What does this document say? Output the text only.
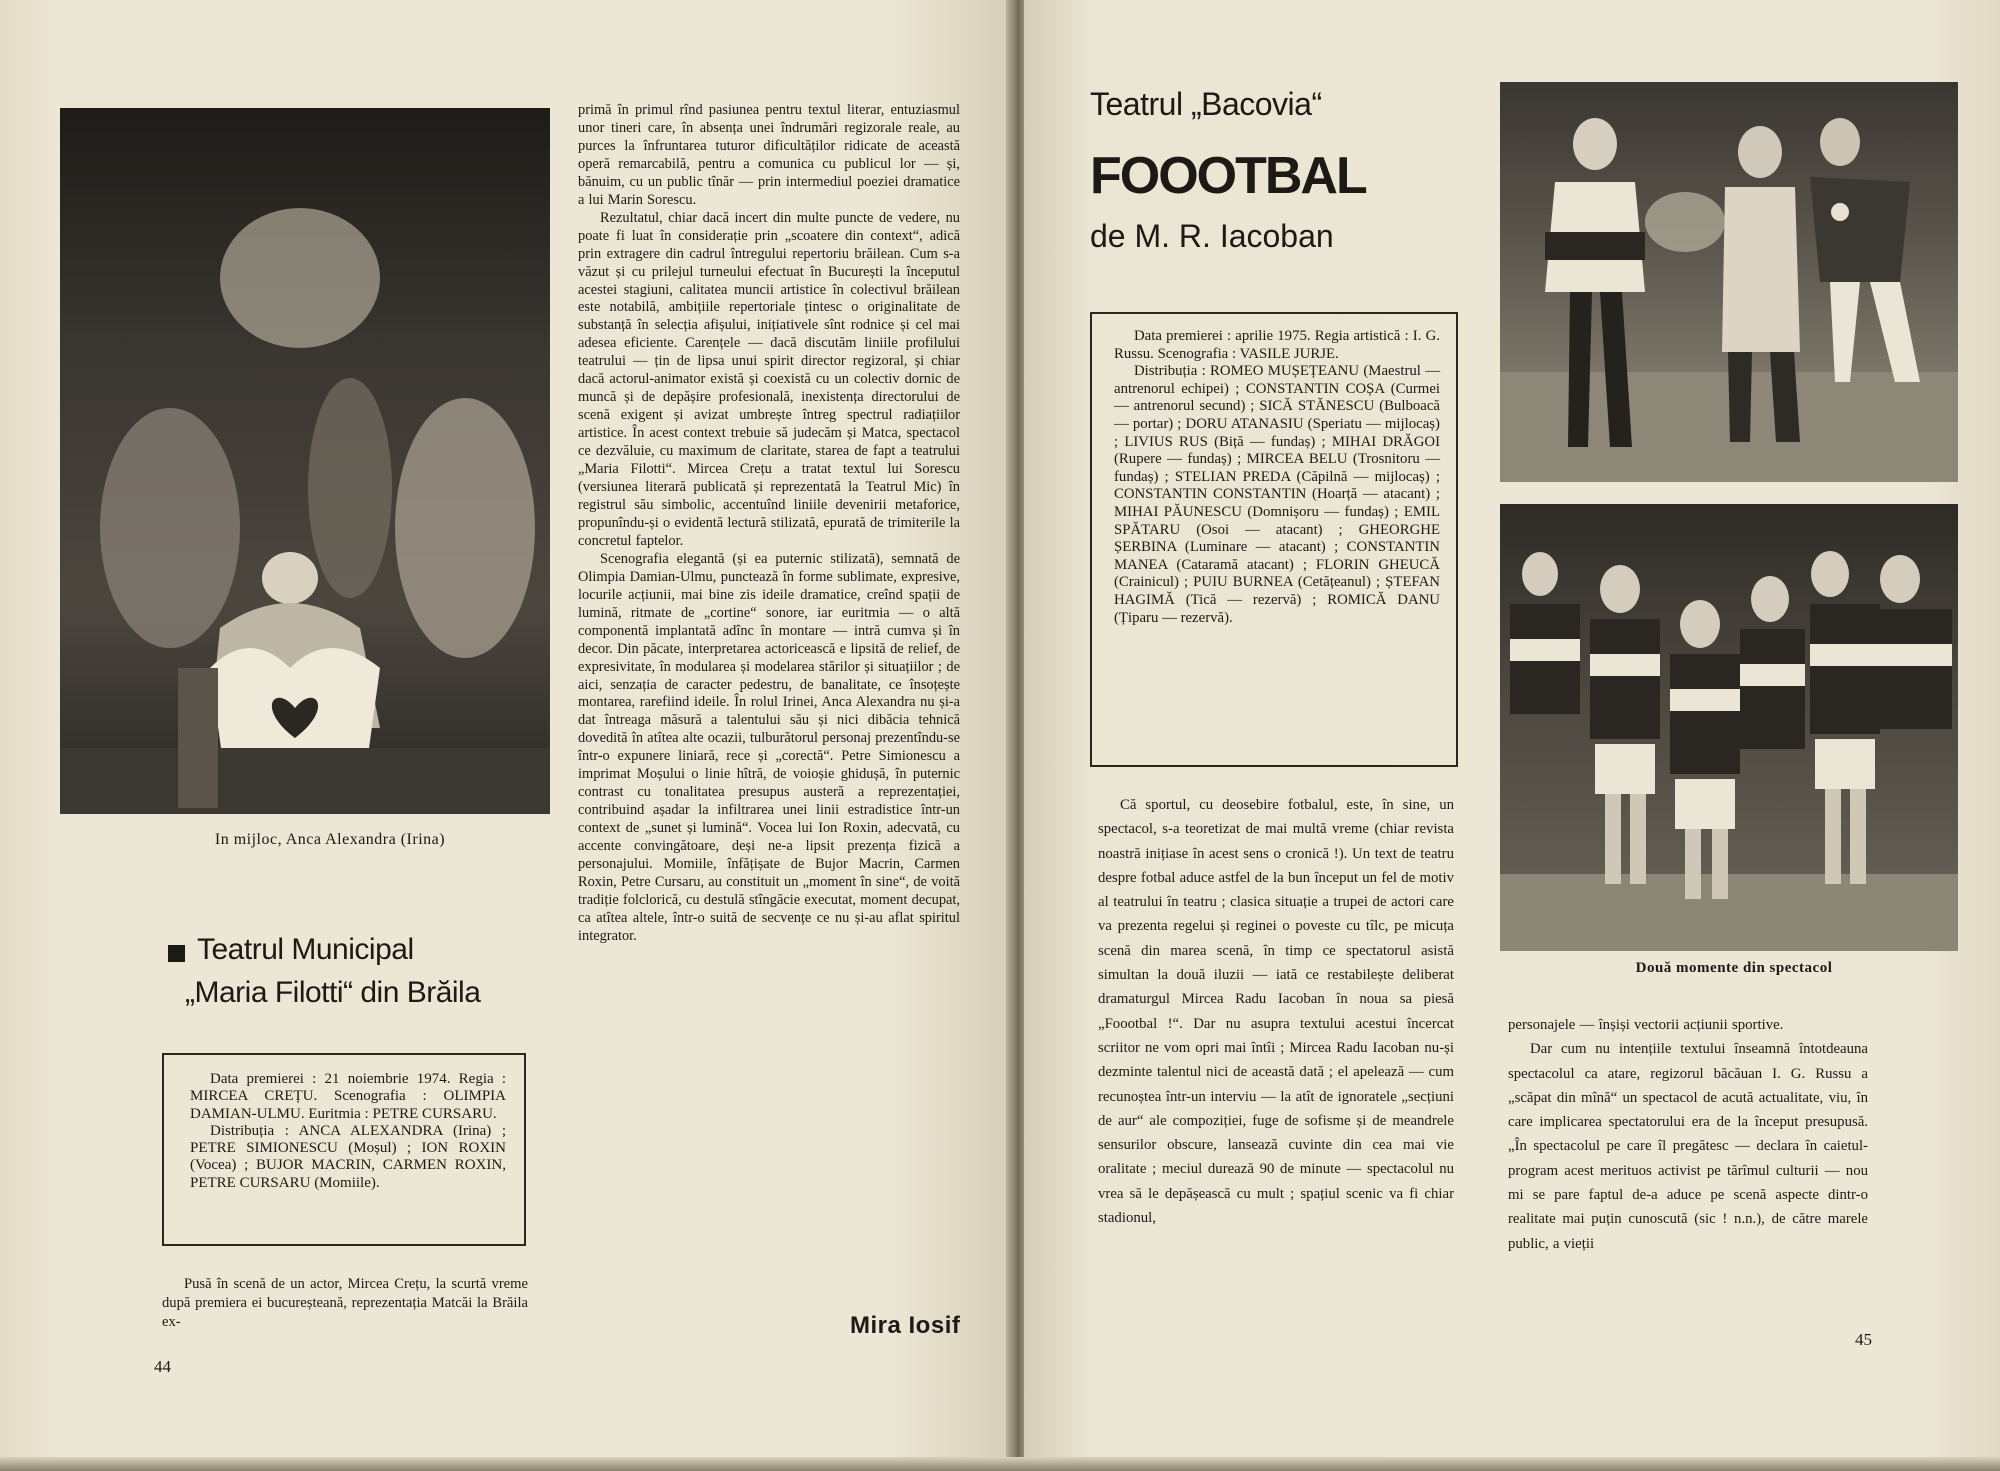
In mijloc, Anca Alexandra (Irina)
Teatrul Municipal
„Maria Filotti“ din Brăila

Data premierei : 21 noiembrie 1974. Regia : MIRCEA CREȚU. Scenografia : OLIMPIA DAMIAN-ULMU. Euritmia : PETRE CURSARU.

Distribuția : ANCA ALEXANDRA (Irina) ; PETRE SIMIONESCU (Moșul) ; ION ROXIN (Vocea) ; BUJOR MACRIN, CARMEN ROXIN, PETRE CURSARU (Momiile).

Pusă în scenă de un actor, Mircea Crețu, la scurtă vreme după premiera ei bucureșteană, reprezentația Matcăi la Brăila ex-

44

primă în primul rînd pasiunea pentru textul literar, entuziasmul unor tineri care, în absența unei îndrumări regizorale reale, au purces la înfruntarea tuturor dificultăților ridicate de această operă remarcabilă, pentru a comunica cu publicul lor — și, bănuim, cu un public tînăr — prin intermediul poeziei dramatice a lui Marin Sorescu.

Rezultatul, chiar dacă incert din multe puncte de vedere, nu poate fi luat în considerație prin „scoatere din context“, adică prin extragere din cadrul întregului repertoriu brăilean. Cum s-a văzut și cu prilejul turneului efectuat în București la începutul acestei stagiuni, calitatea muncii artistice în colectivul brăilean este notabilă, ambițiile repertoriale țintesc o originalitate de substanță în selecția afișului, inițiativele sînt rodnice și cel mai adesea eficiente. Carențele — dacă discutăm liniile profilului teatrului — țin de lipsa unui spirit director regizoral, și chiar dacă actorul-animator există și coexistă cu un colectiv dornic de muncă și de depășire profesională, inexistența directorului de scenă exigent și avizat umbrește întreg spectrul radiațiilor artistice. În acest context trebuie să judecăm și Matca, spectacol ce dezvăluie, cu maximum de claritate, starea de fapt a teatrului „Maria Filotti“. Mircea Crețu a tratat textul lui Sorescu (versiunea literară publicată și reprezentată la Teatrul Mic) în registrul său simbolic, accentuînd liniile devenirii metaforice, propunîndu-și o evidentă lectură stilizată, epurată de trimiterile la concretul faptelor.

Scenografia elegantă (și ea puternic stilizată), semnată de Olimpia Damian-Ulmu, punctează în forme sublimate, expresive, locurile acțiunii, mai bine zis ideile dramatice, creînd spații de lumină, ritmate de „cortine“ sonore, iar euritmia — o altă componentă implantată adînc în montare — intră cumva și în decor. Din păcate, interpretarea actoricească e lipsită de relief, de expresivitate, în modularea și modelarea stărilor și situațiilor ; de aici, senzația de caracter pedestru, de banalitate, ce însoțește montarea, rarefiind ideile. În rolul Irinei, Anca Alexandra nu și-a dat întreaga măsură a talentului său și nici dibăcia tehnică dovedită în atîtea alte ocazii, tulburătorul personaj prezentîndu-se într-o expunere liniară, rece și „corectă“. Petre Simionescu a imprimat Moșului o linie hîtră, de voioșie ghidușă, în puternic contrast cu tonalitatea presupus austeră a reprezentației, contribuind așadar la infiltrarea unei linii estradistice într-un context de „sunet și lumină“. Vocea lui Ion Roxin, adecvată, cu accente convingătoare, deși ne-a lipsit prezența fizică a personajului. Momiile, înfățișate de Bujor Macrin, Carmen Roxin, Petre Cursaru, au constituit un „moment în sine“, de voită tradiție folclorică, cu destulă stîngăcie executat, moment decupat, ca atîtea altele, într-o suită de secvențe ce nu și-au aflat spiritul integrator.

Mira Iosif
Teatrul „Bacovia“
FOOOTBAL
de M. R. Iacoban

Data premierei : aprilie 1975. Regia artistică : I. G. Russu. Scenografia : VASILE JURJE.

Distribuția : ROMEO MUȘEȚEANU (Maestrul — antrenorul echipei) ; CONSTANTIN COȘA (Curmei — antrenorul secund) ; SICĂ STĂNESCU (Bulboacă — portar) ; DORU ATANASIU (Speriatu — mijlocaș) ; LIVIUS RUS (Biță — fundaș) ; MIHAI DRĂGOI (Rupere — fundaș) ; MIRCEA BELU (Trosnitoru — fundaș) ; STELIAN PREDA (Căpilnă — mijlocaș) ; CONSTANTIN CONSTANTIN (Hoarță — atacant) ; MIHAI PĂUNESCU (Domnișoru — fundaș) ; EMIL SPĂTARU (Osoi — atacant) ; GHEORGHE ȘERBINA (Luminare — atacant) ; CONSTANTIN MANEA (Cataramă atacant) ; FLORIN GHEUCĂ (Crainicul) ; PUIU BURNEA (Cetățeanul) ; ȘTEFAN HAGIMĂ (Tică — rezervă) ; ROMICĂ DANU (Țiparu — rezervă).

Că sportul, cu deosebire fotbalul, este, în sine, un spectacol, s-a teoretizat de mai multă vreme (chiar revista noastră inițiase în acest sens o cronică !). Un text de teatru despre fotbal aduce astfel de la bun început un fel de motiv al teatrului în teatru ; clasica situație a trupei de actori care va prezenta regelui și reginei o poveste cu tîlc, pe micuța scenă din marea scenă, în timp ce spectatorul asistă simultan la două iluzii — iată ce restabilește deliberat dramaturgul Mircea Radu Iacoban în noua sa piesă „Foootbal !“. Dar nu asupra textului acestui încercat scriitor ne vom opri mai întîi ; Mircea Radu Iacoban nu-și dezminte talentul nici de această dată ; el apelează — cum recunoștea într-un interviu — la atît de ignoratele „secțiuni de aur“ ale compoziției, fuge de sofisme și de meandrele sensurilor obscure, lansează cuvinte din cea mai vie oralitate ; meciul durează 90 de minute — spectacolul nu vrea să le depășească cu mult ; spațiul scenic va fi chiar stadionul,

Două momente din spectacol

personajele — înșiși vectorii acțiunii sportive.

Dar cum nu intențiile textului înseamnă întotdeauna spectacolul ca atare, regizorul băcăuan I. G. Russu a „scăpat din mînă“ un spectacol de acută actualitate, viu, în care implicarea spectatorului era de la început presupusă. „În spectacolul pe care îl pregătesc — declara în caietul-program acest merituos activist pe tărîmul culturii — nou mi se pare faptul de-a aduce pe scenă aspecte dintr-o realitate mai puțin cunoscută (sic ! n.n.), de către marele public, a vieții

45
